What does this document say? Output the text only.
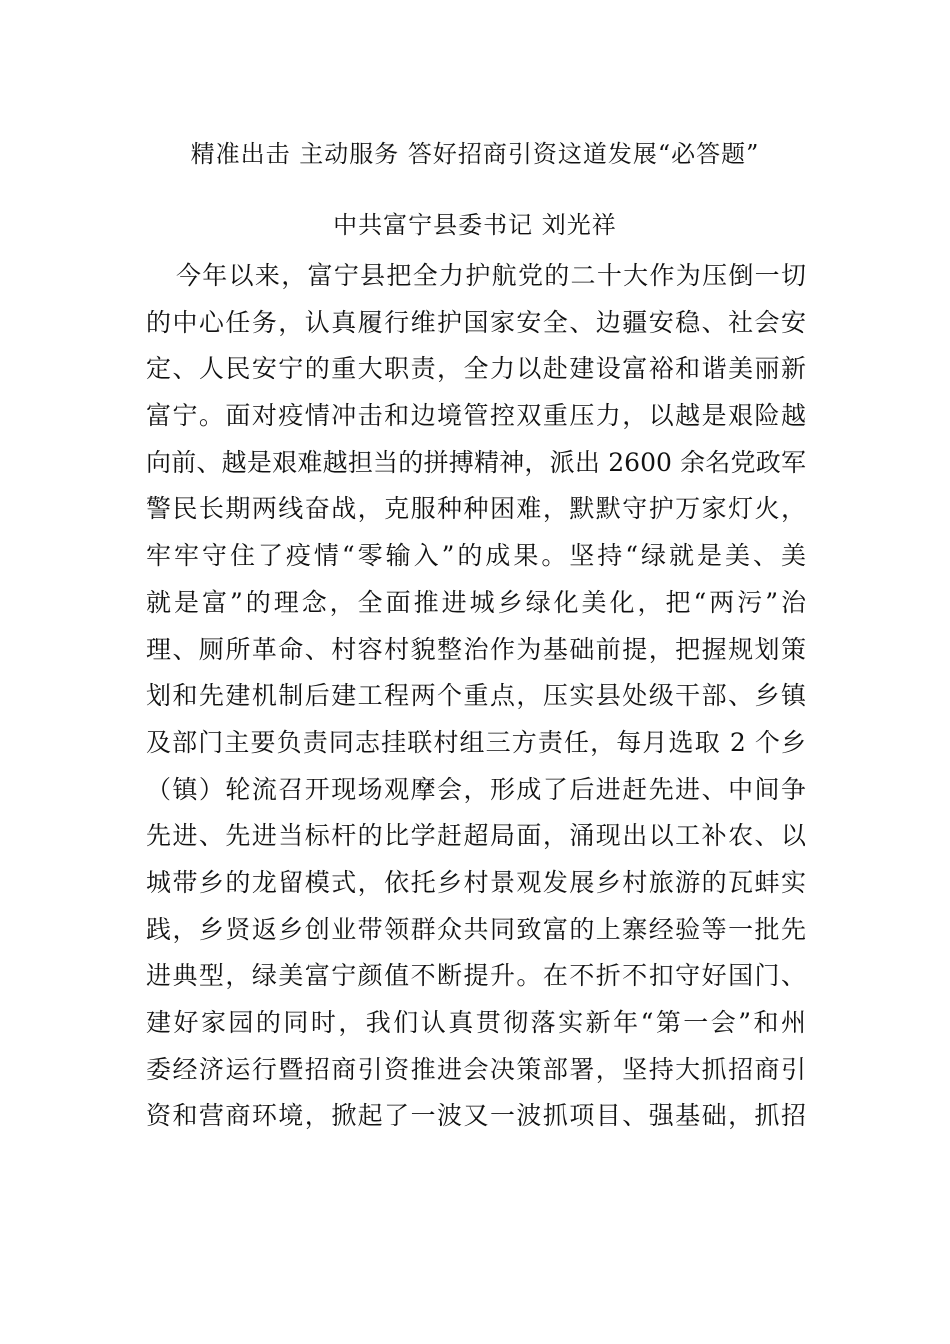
精准出击 主动服务 答好招商引资这道发展“必答题”
中共富宁县委书记 刘光祥
今年以来，富宁县把全力护航党的二十大作为压倒一切
的中心任务，认真履行维护国家安全、边疆安稳、社会安
定、人民安宁的重大职责，全力以赴建设富裕和谐美丽新
富宁。面对疫情冲击和边境管控双重压力，以越是艰险越
向前、越是艰难越担当的拼搏精神，派出 2600 余名党政军
警民长期两线奋战，克服种种困难，默默守护万家灯火，
牢牢守住了疫情“零输入”的成果。坚持“绿就是美、美
就是富”的理念，全面推进城乡绿化美化，把“两污”治
理、厕所革命、村容村貌整治作为基础前提，把握规划策
划和先建机制后建工程两个重点，压实县处级干部、乡镇
及部门主要负责同志挂联村组三方责任，每月选取 2 个乡
（镇）轮流召开现场观摩会，形成了后进赶先进、中间争
先进、先进当标杆的比学赶超局面，涌现出以工补农、以
城带乡的龙留模式，依托乡村景观发展乡村旅游的瓦蚌实
践，乡贤返乡创业带领群众共同致富的上寨经验等一批先
进典型，绿美富宁颜值不断提升。在不折不扣守好国门、
建好家园的同时，我们认真贯彻落实新年“第一会”和州
委经济运行暨招商引资推进会决策部署，坚持大抓招商引
资和营商环境，掀起了一波又一波抓项目、强基础，抓招
